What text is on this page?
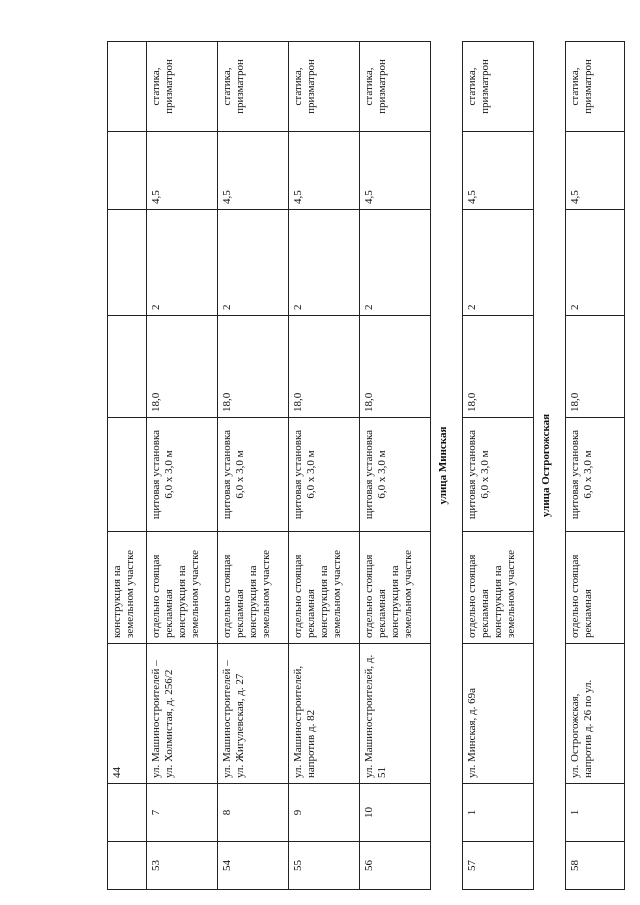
		44	конструкция на земельном участке					
53	7	ул. Машиностроителей – ул. Холмистая, д. 256/2	отдельно стоящая рекламная конструкция на земельном участке	щитовая установка 6,0 х 3,0 м	18,0	2	4,5	статика, призматрон
54	8	ул. Машиностроителей – ул. Жигулевская, д. 27	отдельно стоящая рекламная конструкция на земельном участке	щитовая установка 6,0 х 3,0 м	18,0	2	4,5	статика, призматрон
55	9	ул. Машиностроителей, напротив д. 82	отдельно стоящая рекламная конструкция на земельном участке	щитовая установка 6,0 х 3,0 м	18,0	2	4,5	статика, призматрон
56	10	ул. Машиностроителей, д. 51	отдельно стоящая рекламная конструкция на земельном участке	щитовая установка 6,0 х 3,0 м	18,0	2	4,5	статика, призматрон
улица Минская								
57	1	ул. Минская, д. 69а	отдельно стоящая рекламная конструкция на земельном участке	щитовая установка 6,0 х 3,0 м	18,0	2	4,5	статика, призматрон
улица Острогожская								
58	1	ул. Острогожская, напротив д. 26 по ул.	отдельно стоящая рекламная	щитовая установка 6,0 х 3,0 м	18,0	2	4,5	статика, призматрон
